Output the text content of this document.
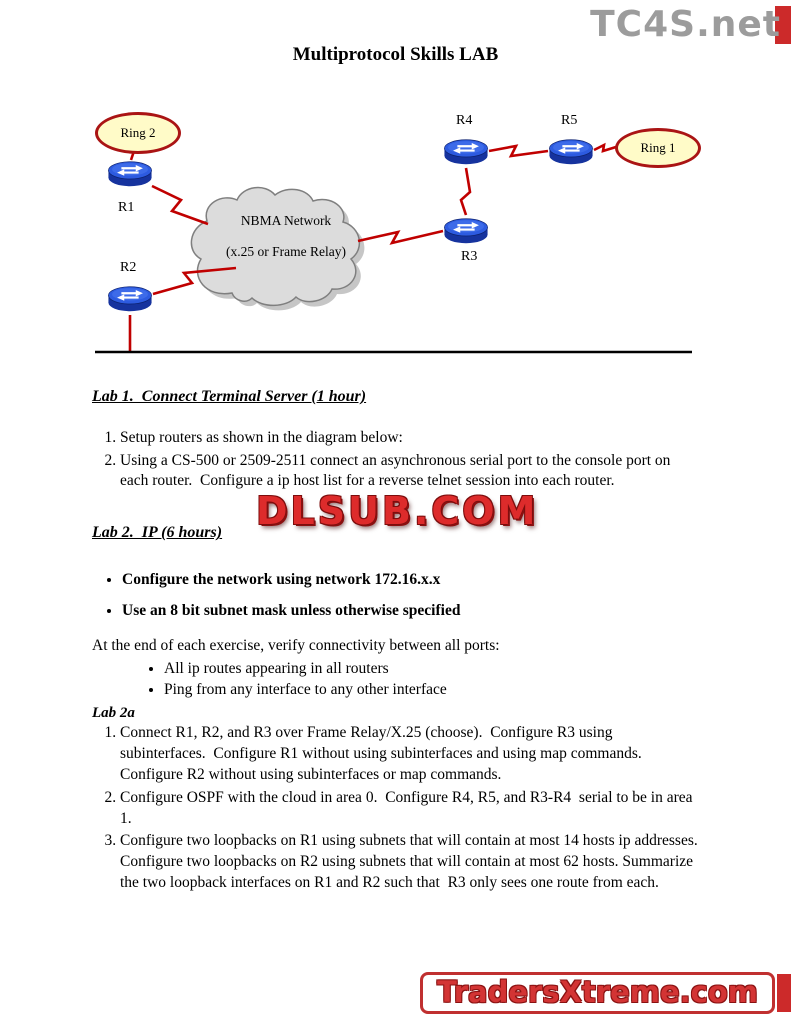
TC4S.net
Multiprotocol Skills LAB
Ring 2
Ring 1
R1
R2
R3
R4	R5
NBMA Network
(x.25 or Frame Relay)
Lab 1.  Connect Terminal Server (1 hour)
1. Setup routers as shown in the diagram below:
2. Using a CS-500 or 2509-2511 connect an asynchronous serial port to the console port on each router.  Configure a ip host list for a reverse telnet session into each router.
Lab 2.  IP (6 hours)
• Configure the network using network 172.16.x.x
• Use an 8 bit subnet mask unless otherwise specified

At the end of each exercise, verify connectivity between all ports:

• All ip routes appearing in all routers
• Ping from any interface to any other interface

Lab 2a

1. Connect R1, R2, and R3 over Frame Relay/X.25 (choose).  Configure R3 using subinterfaces.  Configure R1 without using subinterfaces and using map commands.  Configure R2 without using subinterfaces or map commands.
2. Configure OSPF with the cloud in area 0.  Configure R4, R5, and R3-R4  serial to be in area 1.
3. Configure two loopbacks on R1 using subnets that will contain at most 14 hosts ip addresses. Configure two loopbacks on R2 using subnets that will contain at most 62 hosts. Summarize the two loopback interfaces on R1 and R2 such that  R3 only sees one route from each.
DLSUB.COM
TradersXtreme.com
